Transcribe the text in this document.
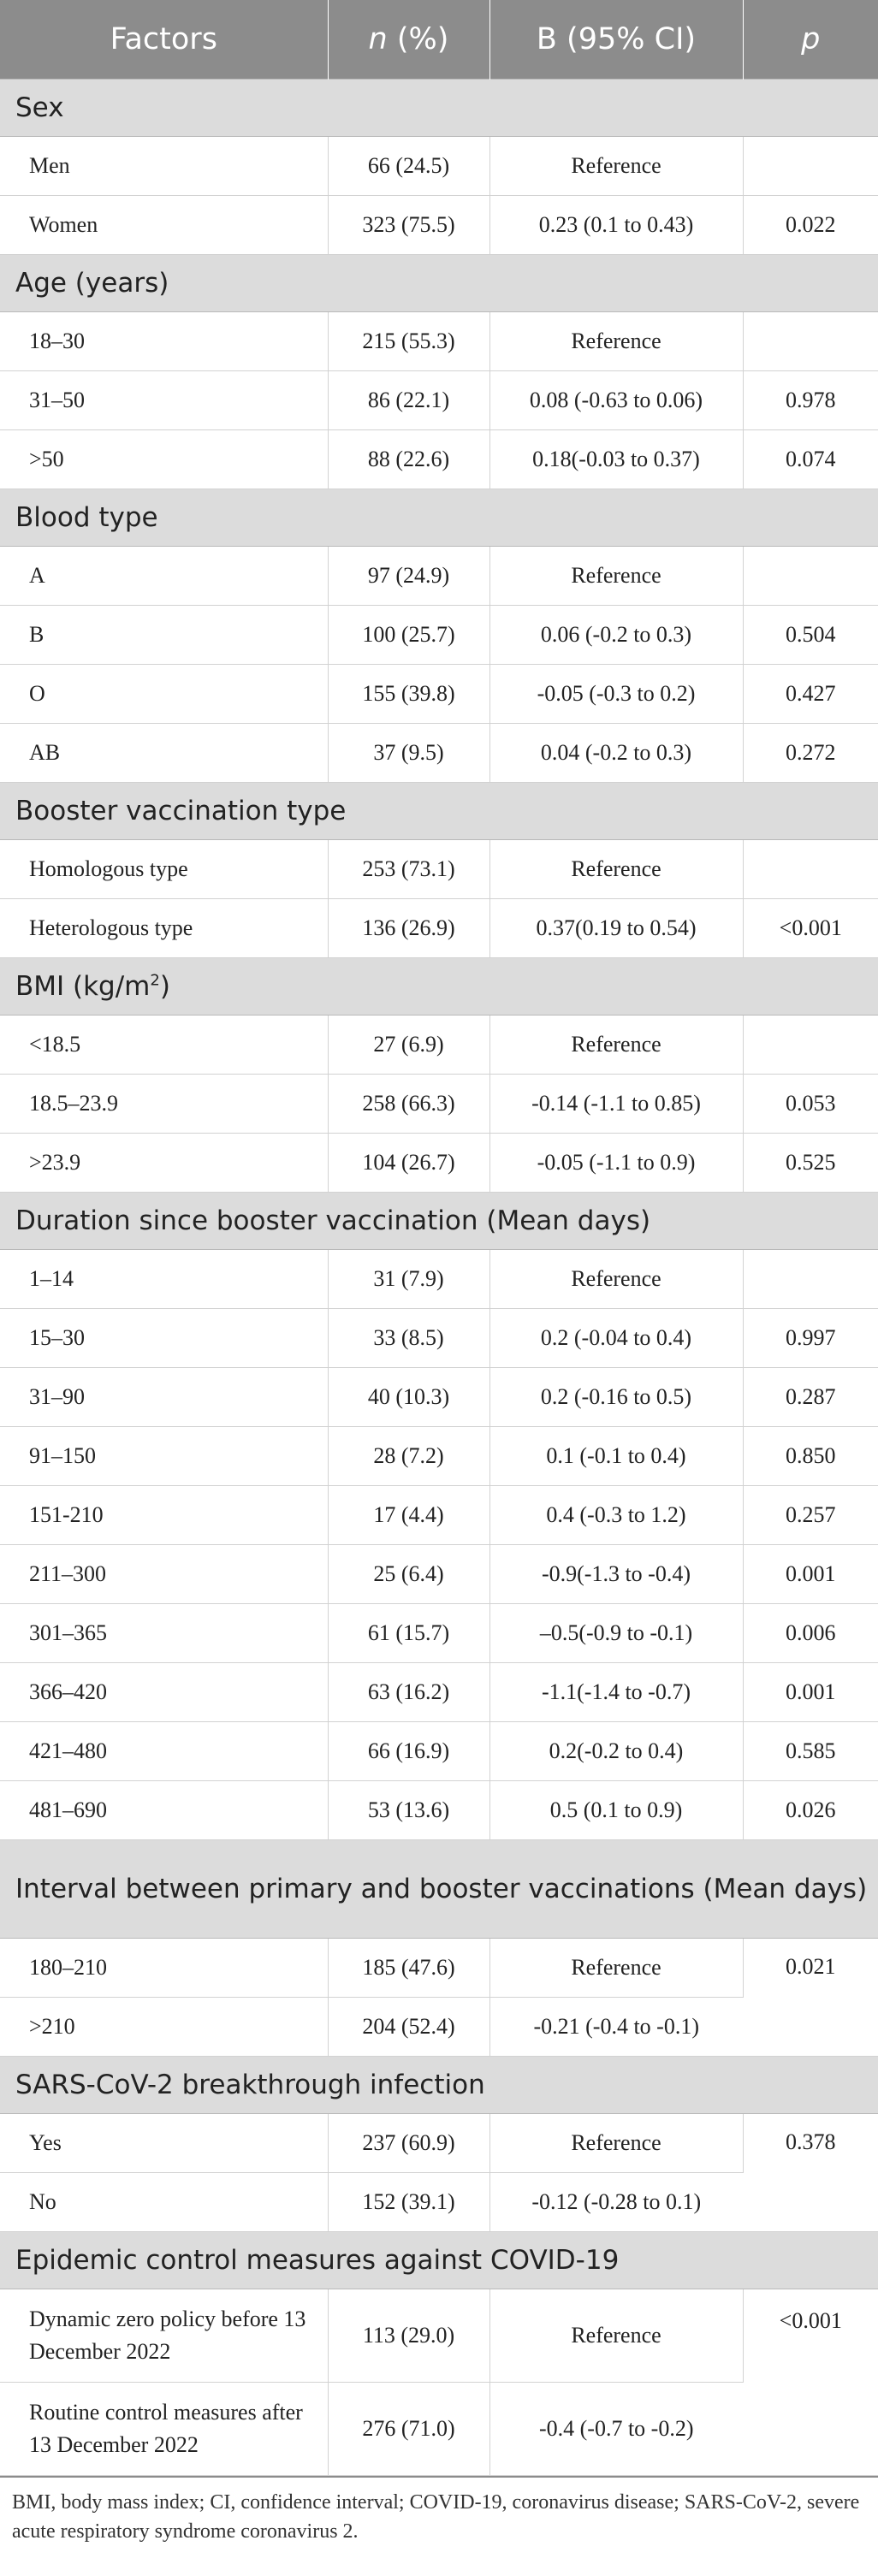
Factors	n (%)	B (95% CI)	p
Sex			
Men	66 (24.5)	Reference	
Women	323 (75.5)	0.23 (0.1 to 0.43)	0.022
Age (years)			
18–30	215 (55.3)	Reference	
31–50	86 (22.1)	0.08 (-0.63 to 0.06)	0.978
>50	88 (22.6)	0.18(-0.03 to 0.37)	0.074
Blood type			
A	97 (24.9)	Reference	
B	100 (25.7)	0.06 (-0.2 to 0.3)	0.504
O	155 (39.8)	-0.05 (-0.3 to 0.2)	0.427
AB	37 (9.5)	0.04 (-0.2 to 0.3)	0.272
Booster vaccination type			
Homologous type	253 (73.1)	Reference	
Heterologous type	136 (26.9)	0.37(0.19 to 0.54)	<0.001
BMI $(kg/m^2)$			
<18.5	27 (6.9)	Reference	
18.5–23.9	258 (66.3)	-0.14 (-1.1 to 0.85)	0.053
>23.9	104 (26.7)	-0.05 (-1.1 to 0.9)	0.525
Duration since booster vaccination (Mean days)			
1–14	31 (7.9)	Reference	
15–30	33 (8.5)	0.2 (-0.04 to 0.4)	0.997
31–90	40 (10.3)	0.2 (-0.16 to 0.5)	0.287
91–150	28 (7.2)	0.1 (-0.1 to 0.4)	0.850
151-210	17 (4.4)	0.4 (-0.3 to 1.2)	0.257
211–300	25 (6.4)	-0.9(-1.3 to -0.4)	0.001
301–365	61 (15.7)	–0.5(-0.9 to -0.1)	0.006
366–420	63 (16.2)	-1.1(-1.4 to -0.7)	0.001
421–480	66 (16.9)	0.2(-0.2 to 0.4)	0.585
481–690	53 (13.6)	0.5 (0.1 to 0.9)	0.026
Interval between primary and booster vaccinations (Mean days)			
180–210	185 (47.6)	Reference	0.021
>210	204 (52.4)	-0.21 (-0.4 to -0.1)	
SARS-CoV-2 breakthrough infection			
Yes	237 (60.9)	Reference	0.378
No	152 (39.1)	-0.12 (-0.28 to 0.1)	
Epidemic control measures against COVID-19			
Dynamic zero policy before 13 December 2022	113 (29.0)	Reference	<0.001
Routine control measures after 13 December 2022	276 (71.0)	-0.4 (-0.7 to -0.2)	
BMI, body mass index; CI, confidence interval; COVID-19, coronavirus disease; SARS-CoV-2, severe acute respiratory syndrome coronavirus 2.
